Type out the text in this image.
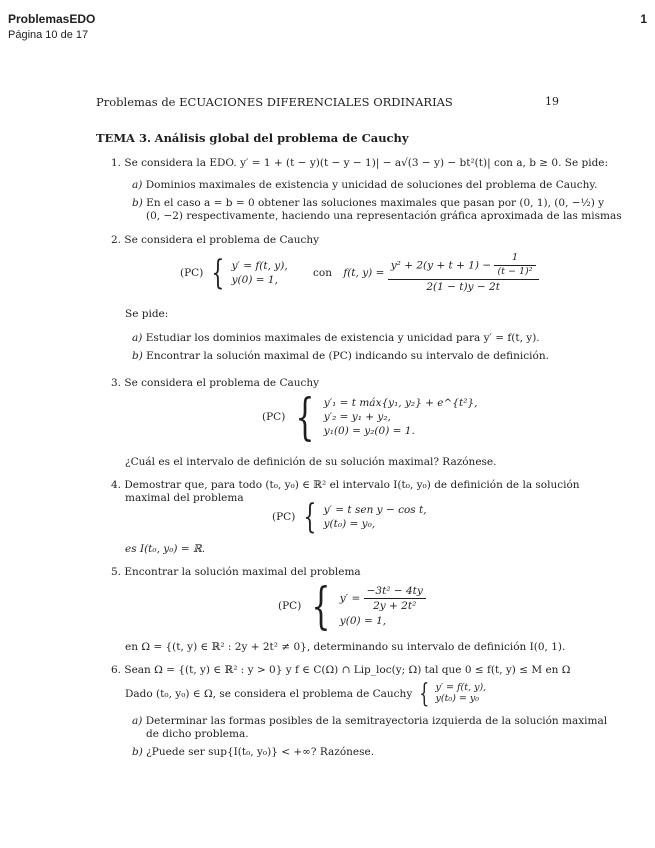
ProblemasEDO
Página 10 de 17
1
Problemas de ECUACIONES DIFERENCIALES ORDINARIAS	19
TEMA 3. Análisis global del problema de Cauchy
1. Se considera la EDO. y′ = 1 + (t − y)(t − y − 1)| − a√(3 − y) − bt²(t)| con a, b ≥ 0. Se pide:
a) Dominios maximales de existencia y unicidad de soluciones del problema de Cauchy.
b) En el caso a = b = 0 obtener las soluciones maximales que pasan por (0, 1), (0, −½) y
(0, −2) respectivamente, haciendo una representación gráfica aproximada de las mismas
2. Se considera el problema de Cauchy
(PC) { y′ = f(t, y),
y(0) = 1,
con f(t, $y) = \frac{y^2 + 2(y + t + 1) - \frac{1}{\text{(t − 1)²}}}{2(1 - t)y - 2t}$
Se pide:
a) Estudiar los dominios maximales de existencia y unicidad para y′ = f(t, y).
b) Encontrar la solución maximal de (PC) indicando su intervalo de definición.
3. Se considera el problema de Cauchy
(PC) { y′₁ = t máx{y₁, y₂} + e^{t²},
y′₂ = y₁ + y₂,
y₁(0) = y₂(0) = 1.
¿Cuál es el intervalo de definición de su solución maximal? Razónese.
4. Demostrar que, para todo (t₀, y₀) ∈ ℝ² el intervalo I(t₀, y₀) de definición de la solución
maximal del problema
(PC) { y′ = t sen y − cos t,
y(t₀) = y₀,
es I(t₀, y₀) = ℝ.
5. Encontrar la solución maximal del problema
(PC) { $y' = \frac{\text{−3t² − 4ty}}{\text{2y + 2t²}}$
y(0) = 1,
en Ω = {(t, y) ∈ ℝ² : 2y + 2t² ≠ 0}, determinando su intervalo de definición I(0, 1).
6. Sean Ω = {(t, y) ∈ ℝ² : y > 0} y f ∈ C(Ω) ∩ Lip_loc(y; Ω) tal que 0 ≤ f(t, y) ≤ M en Ω
Dado (t₀, y₀) ∈ Ω, se considera el problema de Cauchy { y′ = f(t, y),
y(t₀) = y₀
a) Determinar las formas posibles de la semitrayectoria izquierda de la solución maximal
de dicho problema.
b) ¿Puede ser sup{I(t₀, y₀)} < +∞? Razónese.
